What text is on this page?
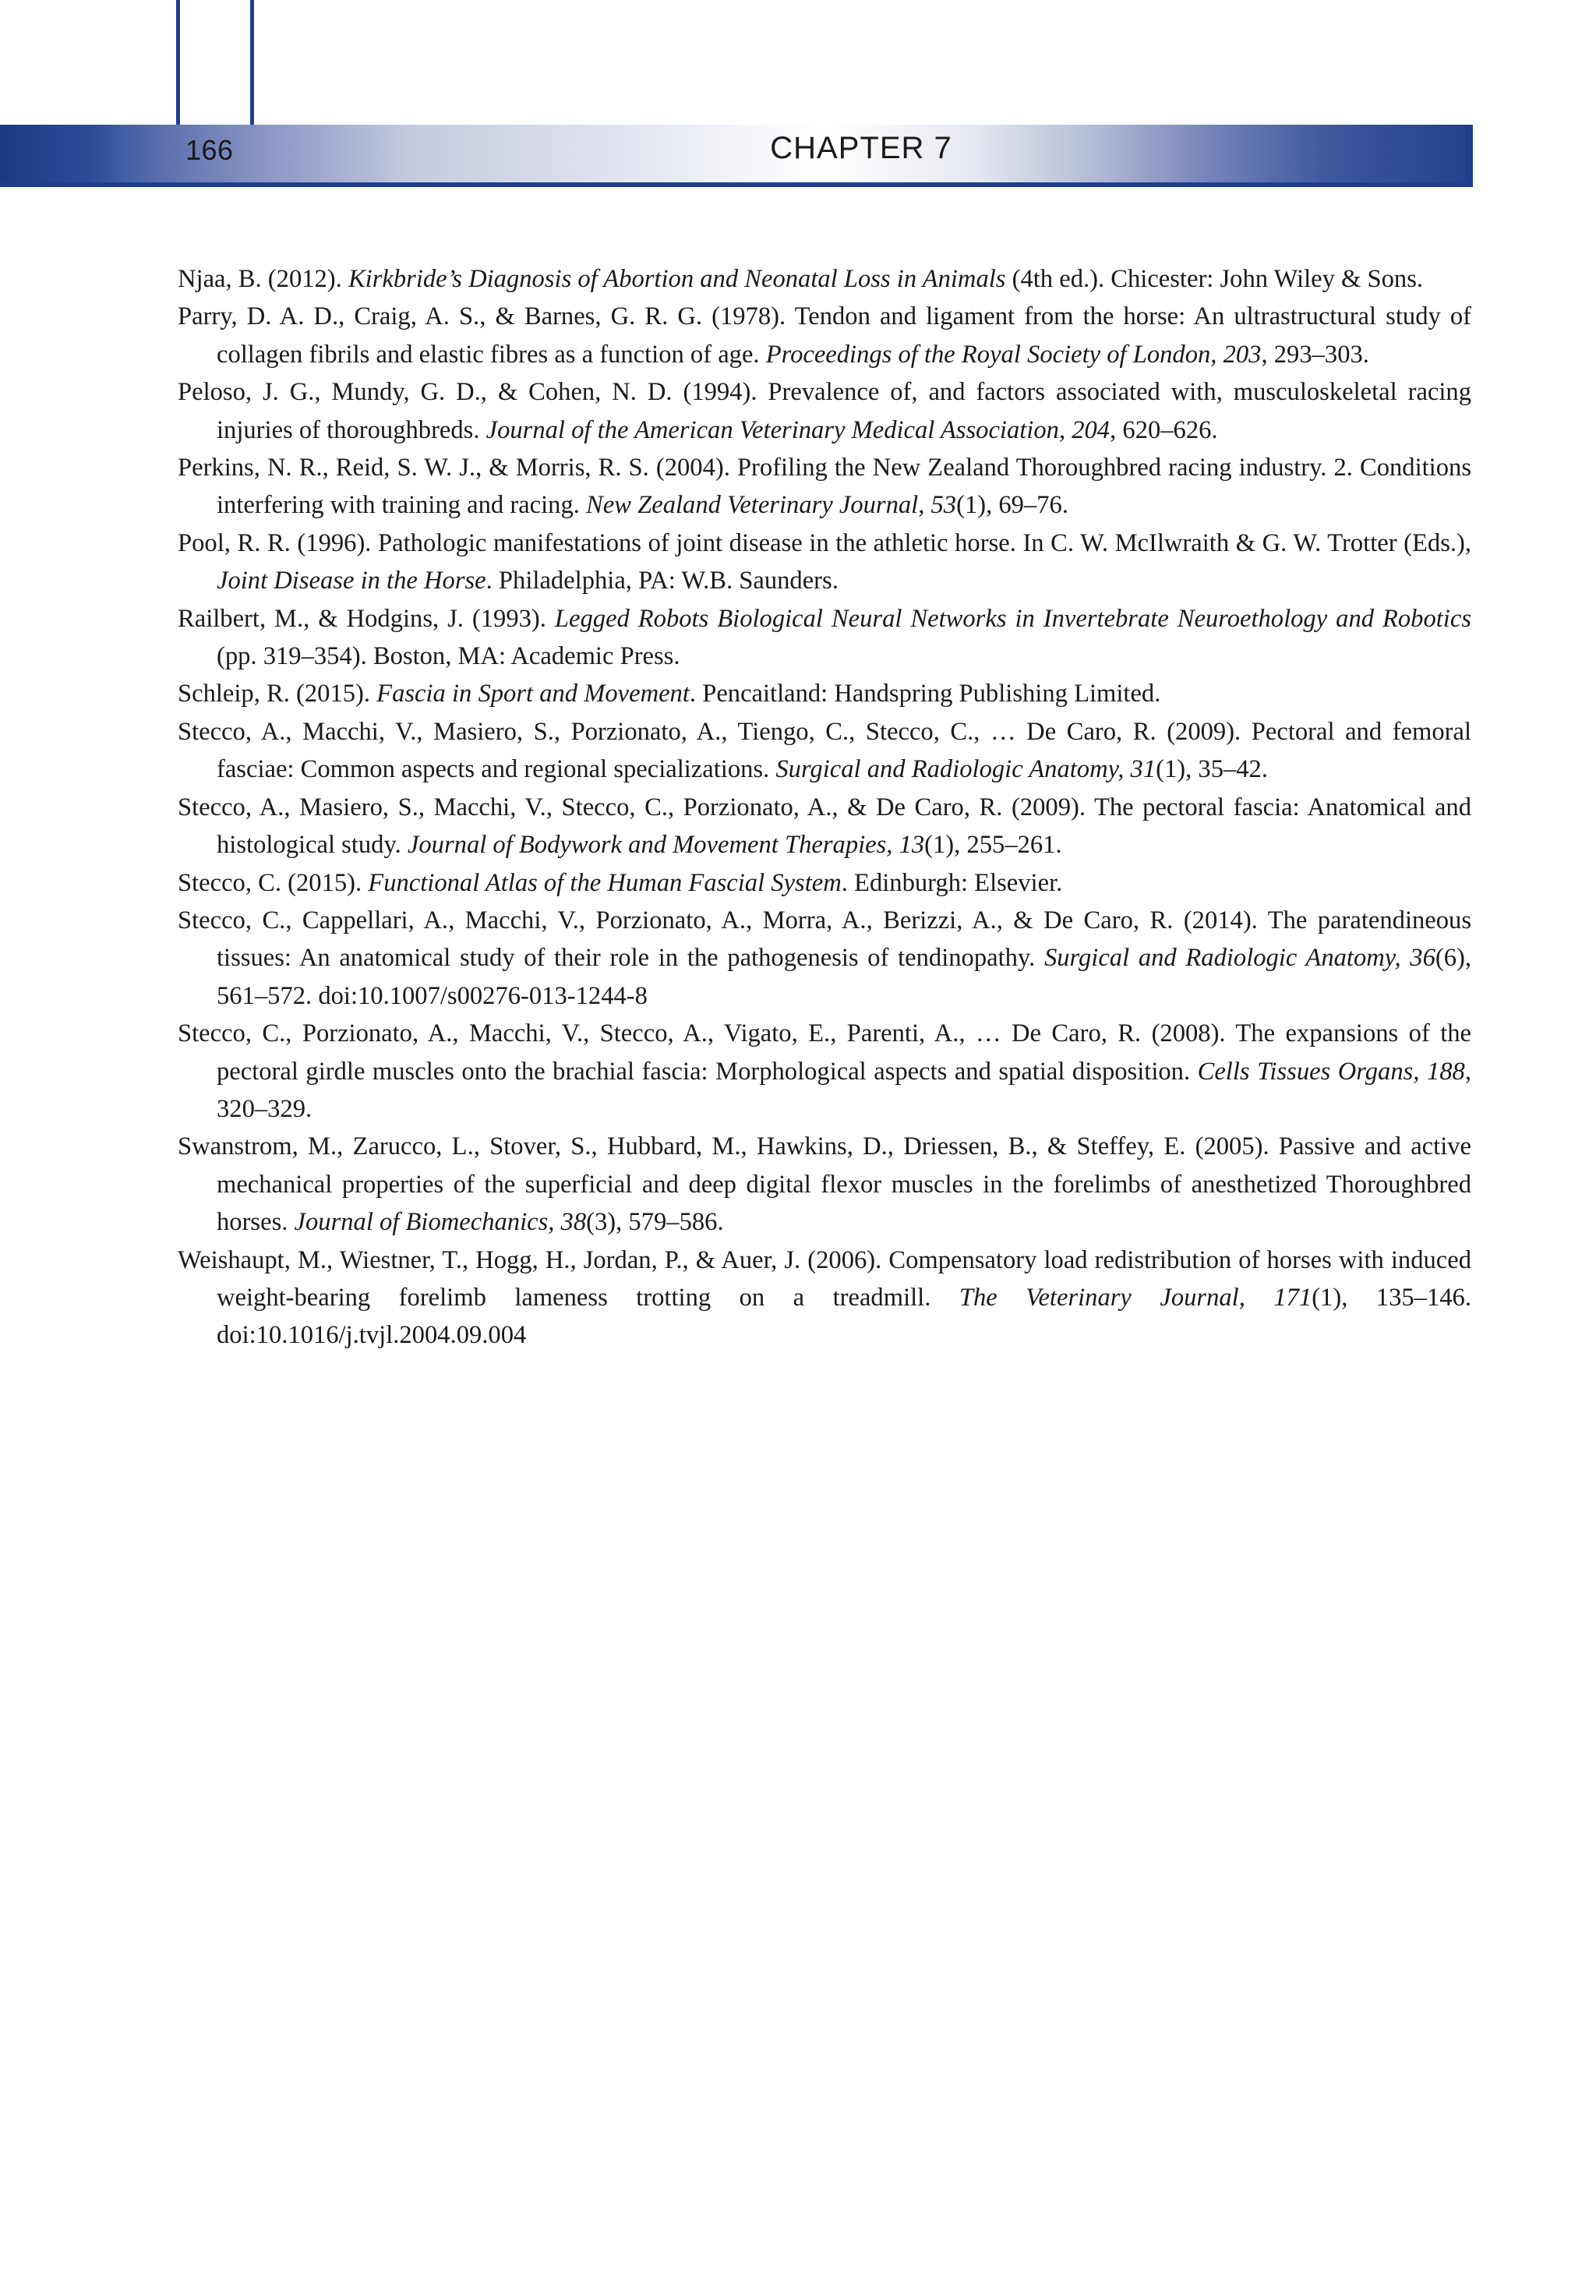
166	CHAPTER 7

Njaa, B. (2012). Kirkbride’s Diagnosis of Abortion and Neonatal Loss in Animals (4th ed.). Chicester: John Wiley & Sons.

Parry, D. A. D., Craig, A. S., & Barnes, G. R. G. (1978). Tendon and ligament from the horse: An ultrastructural study of collagen fibrils and elastic fibres as a function of age. Proceedings of the Royal Society of London, 203, 293–303.

Peloso, J. G., Mundy, G. D., & Cohen, N. D. (1994). Prevalence of, and factors associated with, musculoskeletal racing injuries of thoroughbreds. Journal of the American Veterinary Medical Association, 204, 620–626.

Perkins, N. R., Reid, S. W. J., & Morris, R. S. (2004). Profiling the New Zealand Thoroughbred racing industry. 2. Conditions interfering with training and racing. New Zealand Veterinary Journal, 53(1), 69–76.

Pool, R. R. (1996). Pathologic manifestations of joint disease in the athletic horse. In C. W. McIlwraith & G. W. Trotter (Eds.), Joint Disease in the Horse. Philadelphia, PA: W.B. Saunders.

Railbert, M., & Hodgins, J. (1993). Legged Robots Biological Neural Networks in Invertebrate Neuroethology and Robotics (pp. 319–354). Boston, MA: Academic Press.

Schleip, R. (2015). Fascia in Sport and Movement. Pencaitland: Handspring Publishing Limited.

Stecco, A., Macchi, V., Masiero, S., Porzionato, A., Tiengo, C., Stecco, C., … De Caro, R. (2009). Pectoral and femoral fasciae: Common aspects and regional specializations. Surgical and Radiologic Anatomy, 31(1), 35–42.

Stecco, A., Masiero, S., Macchi, V., Stecco, C., Porzionato, A., & De Caro, R. (2009). The pectoral fascia: Anatomical and histological study. Journal of Bodywork and Movement Therapies, 13(1), 255–261.

Stecco, C. (2015). Functional Atlas of the Human Fascial System. Edinburgh: Elsevier.

Stecco, C., Cappellari, A., Macchi, V., Porzionato, A., Morra, A., Berizzi, A., & De Caro, R. (2014). The paratendineous tissues: An anatomical study of their role in the pathogenesis of tendinopathy. Surgical and Radiologic Anatomy, 36(6), 561–572. doi:10.1007/s00276-013-1244-8

Stecco, C., Porzionato, A., Macchi, V., Stecco, A., Vigato, E., Parenti, A., … De Caro, R. (2008). The expansions of the pectoral girdle muscles onto the brachial fascia: Morphological aspects and spatial disposition. Cells Tissues Organs, 188, 320–329.

Swanstrom, M., Zarucco, L., Stover, S., Hubbard, M., Hawkins, D., Driessen, B., & Steffey, E. (2005). Passive and active mechanical properties of the superficial and deep digital flexor muscles in the forelimbs of anesthetized Thoroughbred horses. Journal of Biomechanics, 38(3), 579–586.

Weishaupt, M., Wiestner, T., Hogg, H., Jordan, P., & Auer, J. (2006). Compensatory load redistribution of horses with induced weight-bearing forelimb lameness trotting on a treadmill. The Veterinary Journal, 171(1), 135–146. doi:10.1016/j.tvjl.2004.09.004
